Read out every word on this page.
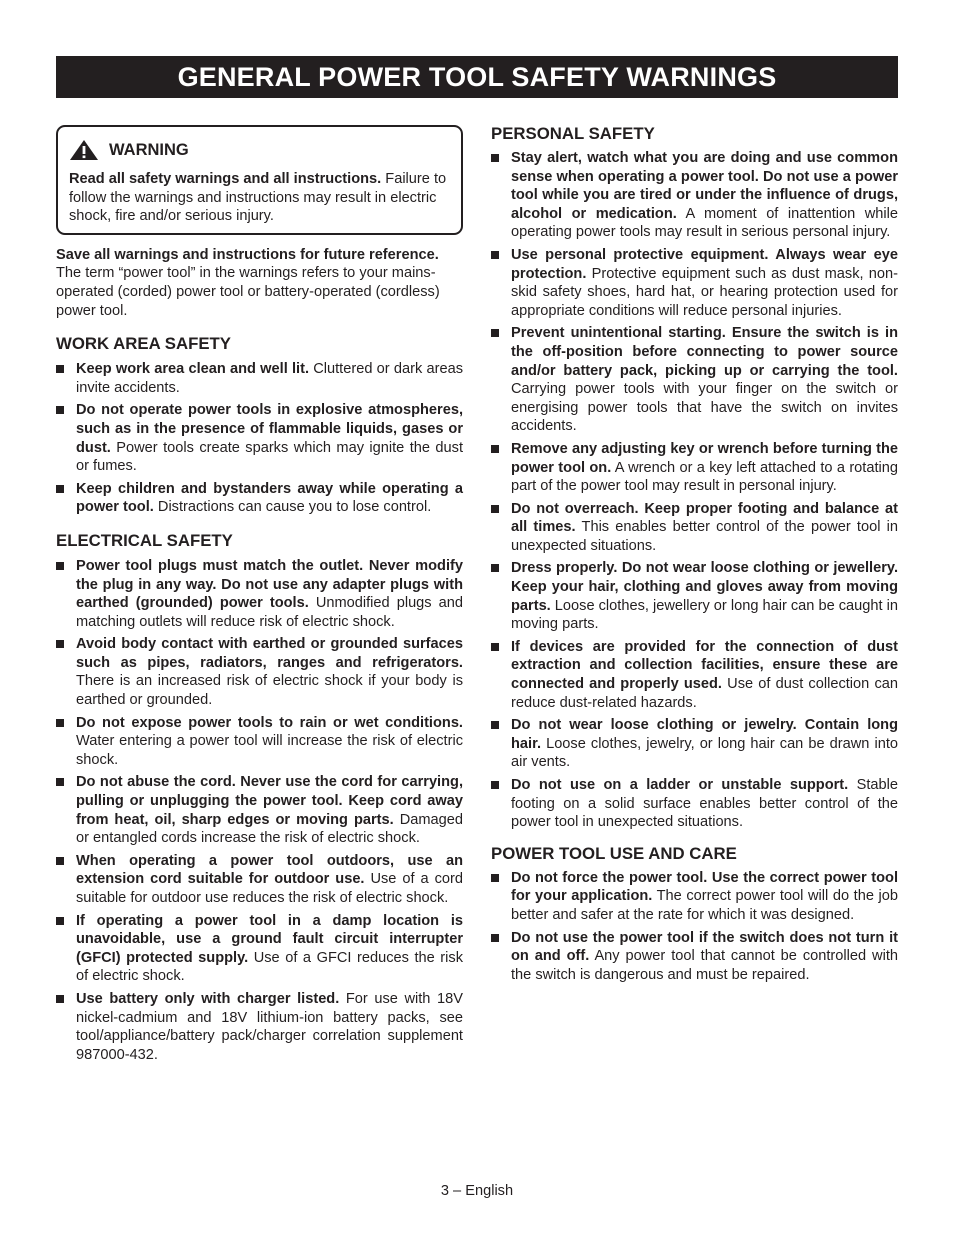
GENERAL POWER TOOL SAFETY WARNINGS
WARNING
Read all safety warnings and all instructions. Failure to follow the warnings and instructions may result in electric shock, fire and/or serious injury.

Save all warnings and instructions for future reference. The term “power tool” in the warnings refers to your mains-operated (corded) power tool or battery-operated (cordless) power tool.

WORK AREA SAFETY
Keep work area clean and well lit. Cluttered or dark areas invite accidents.
Do not operate power tools in explosive atmospheres, such as in the presence of flammable liquids, gases or dust. Power tools create sparks which may ignite the dust or fumes.
Keep children and bystanders away while operating a power tool. Distractions can cause you to lose control.
ELECTRICAL SAFETY
Power tool plugs must match the outlet. Never modify the plug in any way. Do not use any adapter plugs with earthed (grounded) power tools. Unmodified plugs and matching outlets will reduce risk of electric shock.
Avoid body contact with earthed or grounded surfaces such as pipes, radiators, ranges and refrigerators. There is an increased risk of electric shock if your body is earthed or grounded.
Do not expose power tools to rain or wet conditions. Water entering a power tool will increase the risk of electric shock.
Do not abuse the cord. Never use the cord for carrying, pulling or unplugging the power tool. Keep cord away from heat, oil, sharp edges or moving parts. Damaged or entangled cords increase the risk of electric shock.
When operating a power tool outdoors, use an extension cord suitable for outdoor use. Use of a cord suitable for outdoor use reduces the risk of electric shock.
If operating a power tool in a damp location is unavoidable, use a ground fault circuit interrupter (GFCI) protected supply. Use of a GFCI reduces the risk of electric shock.
Use battery only with charger listed. For use with 18V nickel-cadmium and 18V lithium-ion battery packs, see tool/appliance/battery pack/charger correlation supplement 987000-432.
PERSONAL SAFETY
Stay alert, watch what you are doing and use common sense when operating a power tool. Do not use a power tool while you are tired or under the influence of drugs, alcohol or medication. A moment of inattention while operating power tools may result in serious personal injury.
Use personal protective equipment. Always wear eye protection. Protective equipment such as dust mask, non-skid safety shoes, hard hat, or hearing protection used for appropriate conditions will reduce personal injuries.
Prevent unintentional starting. Ensure the switch is in the off-position before connecting to power source and/or battery pack, picking up or carrying the tool. Carrying power tools with your finger on the switch or energising power tools that have the switch on invites accidents.
Remove any adjusting key or wrench before turning the power tool on. A wrench or a key left attached to a rotating part of the power tool may result in personal injury.
Do not overreach. Keep proper footing and balance at all times. This enables better control of the power tool in unexpected situations.
Dress properly. Do not wear loose clothing or jewellery. Keep your hair, clothing and gloves away from moving parts. Loose clothes, jewellery or long hair can be caught in moving parts.
If devices are provided for the connection of dust extraction and collection facilities, ensure these are connected and properly used. Use of dust collection can reduce dust-related hazards.
Do not wear loose clothing or jewelry. Contain long hair. Loose clothes, jewelry, or long hair can be drawn into air vents.
Do not use on a ladder or unstable support. Stable footing on a solid surface enables better control of the power tool in unexpected situations.
POWER TOOL USE AND CARE
Do not force the power tool. Use the correct power tool for your application. The correct power tool will do the job better and safer at the rate for which it was designed.
Do not use the power tool if the switch does not turn it on and off. Any power tool that cannot be controlled with the switch is dangerous and must be repaired.
3 – English
